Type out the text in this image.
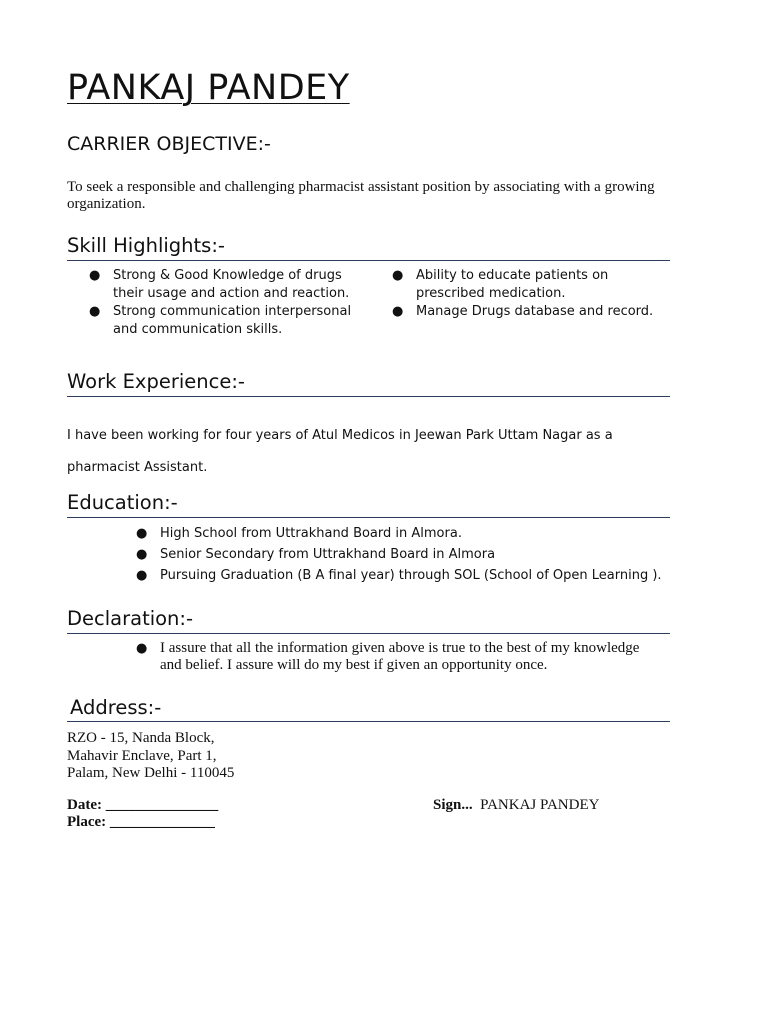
PANKAJ PANDEY
CARRIER OBJECTIVE:-
To seek a responsible and challenging pharmacist assistant position by associating with a growing organization.
Skill Highlights:-
● Strong & Good Knowledge of drugs their usage and action and reaction.
● Strong communication interpersonal and communication skills.
● Ability to educate patients on prescribed medication.
● Manage Drugs database and record.
Work Experience:-
I have been working for four years of Atul Medicos in Jeewan Park Uttam Nagar as a pharmacist Assistant.
Education:-
● High School from Uttrakhand Board in Almora.
● Senior Secondary from Uttrakhand Board in Almora
● Pursuing Graduation (B A final year) through SOL (School of Open Learning ).
Declaration:-
● I assure that all the information given above is true to the best of my knowledge and belief. I assure will do my best if given an opportunity once.
Address:-
RZO - 15, Nanda Block,
Mahavir Enclave, Part 1,
Palam, New Delhi - 110045
Date: _______________
Place: ______________
Sign... PANKAJ PANDEY
